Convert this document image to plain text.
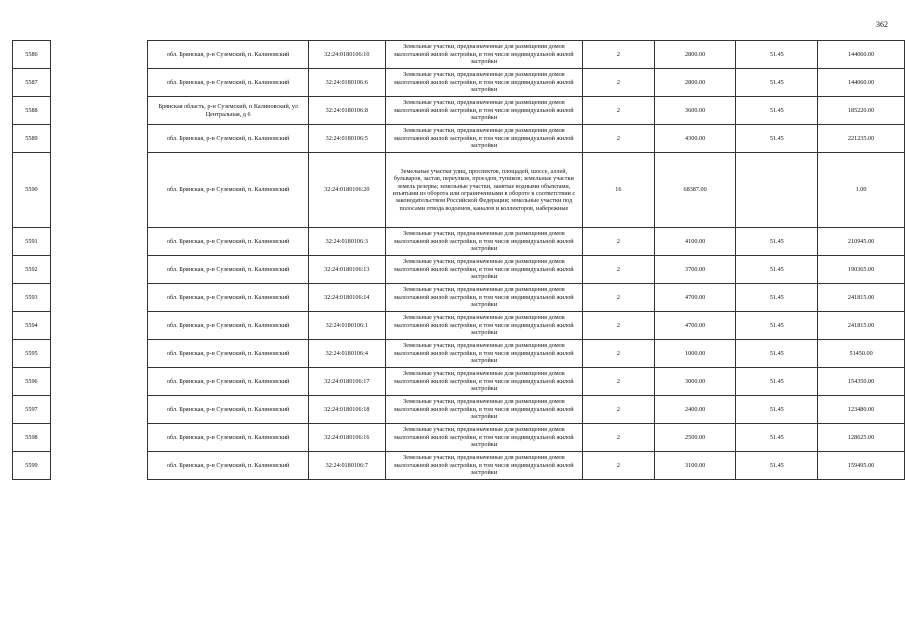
362
5586		обл. Брянская, р-н Суземский, п. Калиновский	32:24:0180106:10	Земельные участки, предназначенные для размещения домов малоэтажной жилой застройки, в том числе индивидуальной жилой застройки	2	2800.00	51.45	144060.00
5587		обл. Брянская, р-н Суземский, п. Калиновский	32:24:0180106:6	Земельные участки, предназначенные для размещения домов малоэтажной жилой застройки, в том числе индивидуальной жилой застройки	2	2800.00	51.45	144060.00
5588		Брянская область, р-н Суземский, п Калиновский, ул Центральная, д 6	32:24:0180106:8	Земельные участки, предназначенные для размещения домов малоэтажной жилой застройки, в том числе индивидуальной жилой застройки	2	3600.00	51.45	185220.00
5589		обл. Брянская, р-н Суземский, п. Калиновский	32:24:0180106:5	Земельные участки, предназначенные для размещения домов малоэтажной жилой застройки, в том числе индивидуальной жилой застройки	2	4300.00	51.45	221235.00
5590		обл. Брянская, р-н Суземский, п. Калиновский	32:24:0180106:20	Земельные участки улиц, проспектов, площадей, шоссе, аллей, бульваров, застав, переулков, проездов, тупиков; земельные участки земель резерва; земельные участки, занятые водными объектами, изъятыми из оборота или ограниченными в обороте в соответствии с законодательством Российской Федерации; земельные участки под полосами отвода водоемов, каналов и коллекторов, набережные	16	68387.00		1.00
5591		обл. Брянская, р-н Суземский, п. Калиновский	32:24:0180106:3	Земельные участки, предназначенные для размещения домов малоэтажной жилой застройки, в том числе индивидуальной жилой застройки	2	4100.00	51.45	210945.00
5592		обл. Брянская, р-н Суземский, п. Калиновский	32:24:0180106:13	Земельные участки, предназначенные для размещения домов малоэтажной жилой застройки, в том числе индивидуальной жилой застройки	2	3700.00	51.45	190365.00
5593		обл. Брянская, р-н Суземский, п. Калиновский	32:24:0180106:14	Земельные участки, предназначенные для размещения домов малоэтажной жилой застройки, в том числе индивидуальной жилой застройки	2	4700.00	51.45	241815.00
5594		обл. Брянская, р-н Суземский, п. Калиновский	32:24:0180106:1	Земельные участки, предназначенные для размещения домов малоэтажной жилой застройки, в том числе индивидуальной жилой застройки	2	4700.00	51.45	241815.00
5595		обл. Брянская, р-н Суземский, п. Калиновский	32:24:0180106:4	Земельные участки, предназначенные для размещения домов малоэтажной жилой застройки, в том числе индивидуальной жилой застройки	2	1000.00	51.45	51450.00
5596		обл. Брянская, р-н Суземский, п. Калиновский	32:24:0180106:17	Земельные участки, предназначенные для размещения домов малоэтажной жилой застройки, в том числе индивидуальной жилой застройки	2	3000.00	51.45	154350.00
5597		обл. Брянская, р-н Суземский, п. Калиновский	32:24:0180106:18	Земельные участки, предназначенные для размещения домов малоэтажной жилой застройки, в том числе индивидуальной жилой застройки	2	2400.00	51.45	123480.00
5598		обл. Брянская, р-н Суземский, п. Калиновский	32:24:0180106:16	Земельные участки, предназначенные для размещения домов малоэтажной жилой застройки, в том числе индивидуальной жилой застройки	2	2500.00	51.45	128625.00
5599		обл. Брянская, р-н Суземский, п. Калиновский	32:24:0180106:7	Земельные участки, предназначенные для размещения домов малоэтажной жилой застройки, в том числе индивидуальной жилой застройки	2	3100.00	51.45	159495.00
